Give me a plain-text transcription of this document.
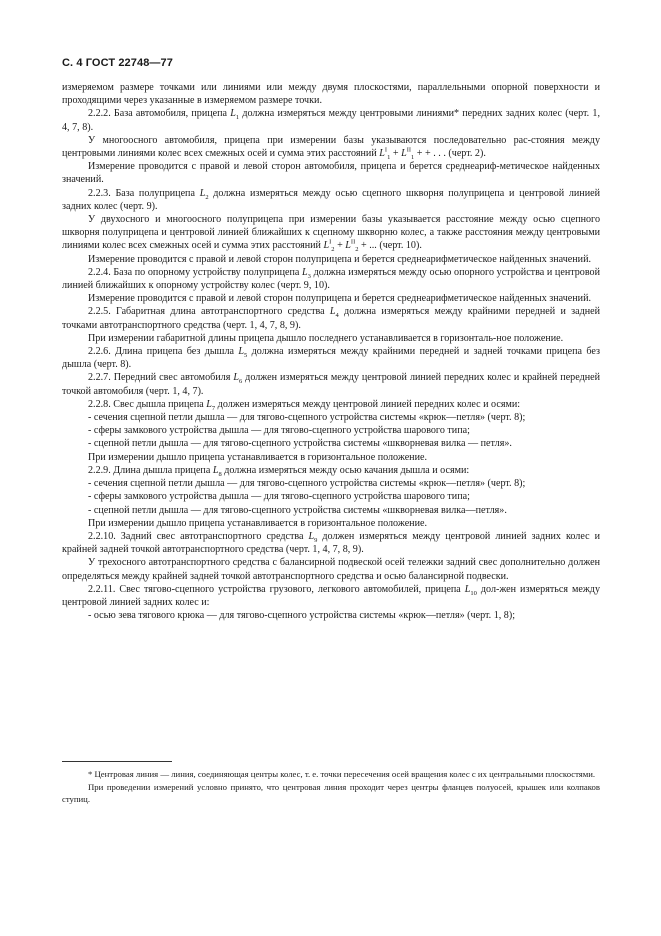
С. 4 ГОСТ 22748—77

измеряемом размере точками или линиями или между двумя плоскостями, параллельными опорной поверхности и проходящими через указанные в измеряемом размере точки.

2.2.2. База автомобиля, прицепа $L_1$ должна измеряться между центровыми линиями* передних задних колес (черт. 1, 4, 7, 8).

У многоосного автомобиля, прицепа при измерении базы указываются последовательно рас-стояния между центровыми линиями колес всех смежных осей и сумма этих расстояний $L^I_1 + L^{II}_1$ + + . . . (черт. 2).

Измерение проводится с правой и левой сторон автомобиля, прицепа и берется среднеариф-метическое найденных значений.

2.2.3. База полуприцепа $L_2$ должна измеряться между осью сцепного шкворня полуприцепа и центровой линией задних колес (черт. 9).

У двухосного и многоосного полуприцепа при измерении базы указывается расстояние между осью сцепного шкворня полуприцепа и центровой линией ближайших к сцепному шкворню колес, а также расстояния между центровыми линиями колес всех смежных осей и сумма этих расстояний $L^I_2 + L^{II}_2$ + ... (черт. 10).

Измерение проводится с правой и левой сторон полуприцепа и берется среднеарифметическое найденных значений.

2.2.4. База по опорному устройству полуприцепа $L_3$ должна измеряться между осью опорного устройства и центровой линией ближайших к опорному устройству колес (черт. 9, 10).

Измерение проводится с правой и левой сторон полуприцепа и берется среднеарифметическое найденных значений.

2.2.5. Габаритная длина автотранспортного средства $L_4$ должна измеряться между крайними передней и задней точками автотранспортного средства (черт. 1, 4, 7, 8, 9).

При измерении габаритной длины прицепа дышло последнего устанавливается в горизонталь-ное положение.

2.2.6. Длина прицепа без дышла $L_5$ должна измеряться между крайними передней и задней точками прицепа без дышла (черт. 8).

2.2.7. Передний свес автомобиля $L_6$ должен измеряться между центровой линией передних колес и крайней передней точкой автомобиля (черт. 1, 4, 7).

2.2.8. Свес дышла прицепа $L_7$ должен измеряться между центровой линией передних колес и осями:

- сечения сцепной петли дышла — для тягово-сцепного устройства системы «крюк—петля» (черт. 8);

- сферы замкового устройства дышла — для тягово-сцепного устройства шарового типа;

- сцепной петли дышла — для тягово-сцепного устройства системы «шкворневая вилка — петля».

При измерении дышло прицепа устанавливается в горизонтальное положение.

2.2.9. Длина дышла прицепа $L_8$ должна измеряться между осью качания дышла и осями:

- сечения сцепной петли дышла — для тягово-сцепного устройства системы «крюк—петля» (черт. 8);

- сферы замкового устройства дышла — для тягово-сцепного устройства шарового типа;

- сцепной петли дышла — для тягово-сцепного устройства системы «шкворневая вилка—петля».

При измерении дышло прицепа устанавливается в горизонтальное положение.

2.2.10. Задний свес автотранспортного средства $L_9$ должен измеряться между центровой линией задних колес и крайней задней точкой автотранспортного средства (черт. 1, 4, 7, 8, 9).

У трехосного автотранспортного средства с балансирной подвеской осей тележки задний свес дополнительно должен определяться между крайней задней точкой автотранспортного средства и осью балансирной подвески.

2.2.11. Свес тягово-сцепного устройства грузового, легкового автомобилей, прицепа $L_{10}$ дол-жен измеряться между центровой линией задних колес и:

- осью зева тягового крюка — для тягово-сцепного устройства системы «крюк—петля» (черт. 1, 8);

* Центровая линия — линия, соединяющая центры колес, т. е. точки пересечения осей вращения колес с их центральными плоскостями.

При проведении измерений условно принято, что центровая линия проходит через центры фланцев полуосей, крышек или колпаков ступиц.
